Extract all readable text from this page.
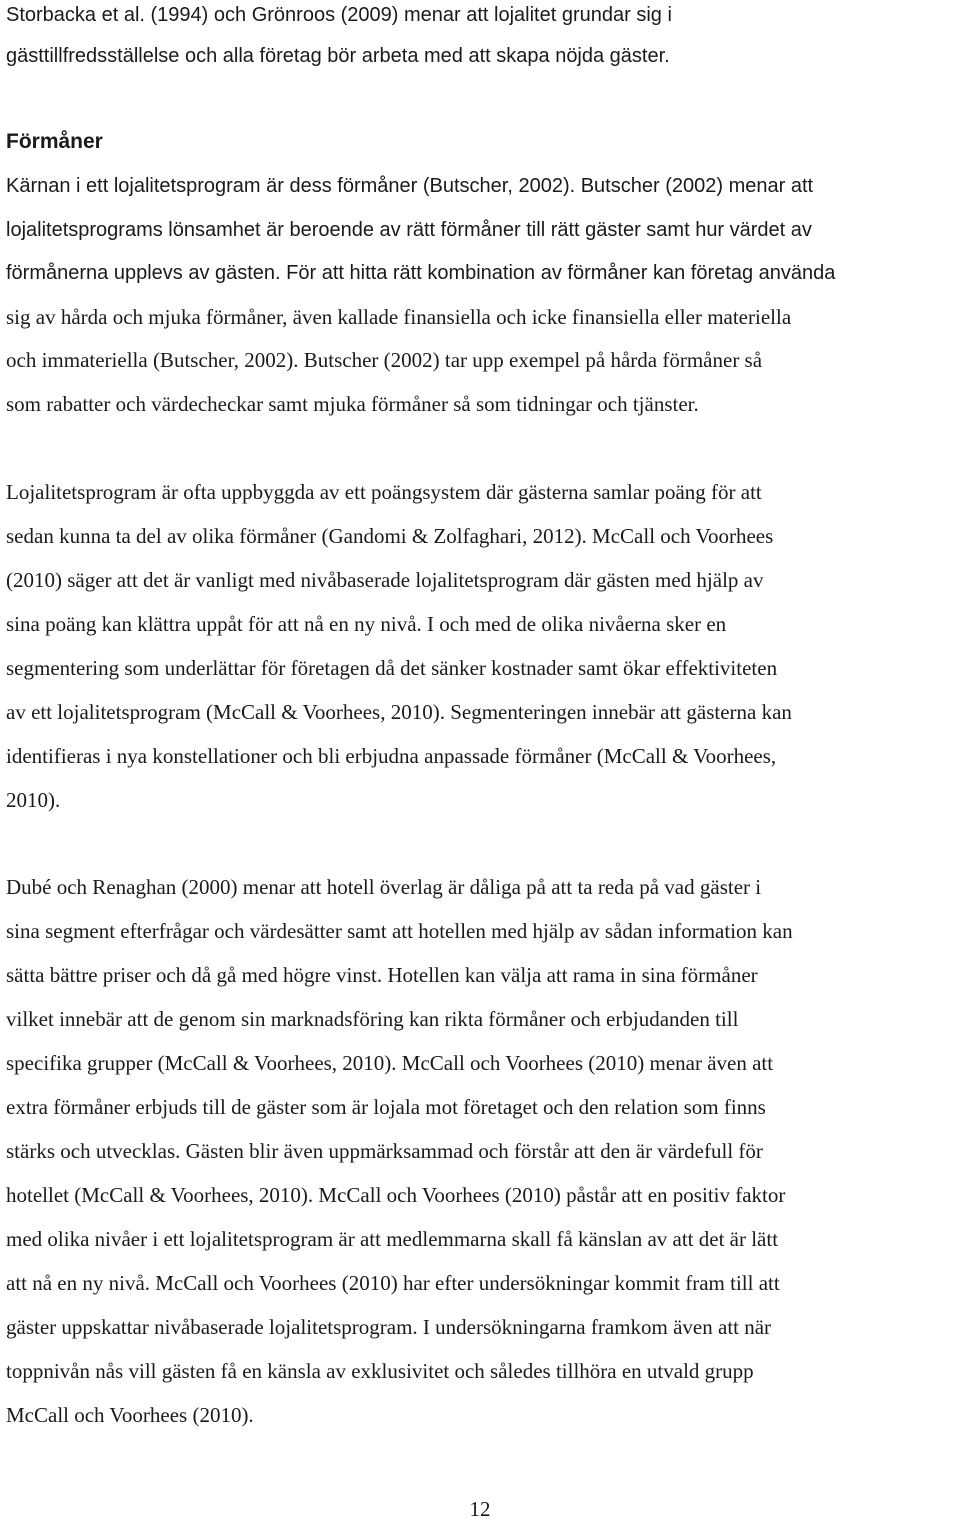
Storbacka et al. (1994) och Grönroos (2009) menar att lojalitet grundar sig i
gästtillfredsställelse och alla företag bör arbeta med att skapa nöjda gäster.
Förmåner
Kärnan i ett lojalitetsprogram är dess förmåner (Butscher, 2002). Butscher (2002) menar att
lojalitetsprograms lönsamhet är beroende av rätt förmåner till rätt gäster samt hur värdet av
förmånerna upplevs av gästen. För att hitta rätt kombination av förmåner kan företag använda
sig av hårda och mjuka förmåner, även kallade finansiella och icke finansiella eller materiella
och immateriella (Butscher, 2002). Butscher (2002) tar upp exempel på hårda förmåner så
som rabatter och värdecheckar samt mjuka förmåner så som tidningar och tjänster.
Lojalitetsprogram är ofta uppbyggda av ett poängsystem där gästerna samlar poäng för att
sedan kunna ta del av olika förmåner (Gandomi & Zolfaghari, 2012). McCall och Voorhees
(2010) säger att det är vanligt med nivåbaserade lojalitetsprogram där gästen med hjälp av
sina poäng kan klättra uppåt för att nå en ny nivå. I och med de olika nivåerna sker en
segmentering som underlättar för företagen då det sänker kostnader samt ökar effektiviteten
av ett lojalitetsprogram (McCall & Voorhees, 2010). Segmenteringen innebär att gästerna kan
identifieras i nya konstellationer och bli erbjudna anpassade förmåner (McCall & Voorhees,
2010).
Dubé och Renaghan (2000) menar att hotell överlag är dåliga på att ta reda på vad gäster i
sina segment efterfrågar och värdesätter samt att hotellen med hjälp av sådan information kan
sätta bättre priser och då gå med högre vinst. Hotellen kan välja att rama in sina förmåner
vilket innebär att de genom sin marknadsföring kan rikta förmåner och erbjudanden till
specifika grupper (McCall & Voorhees, 2010). McCall och Voorhees (2010) menar även att
extra förmåner erbjuds till de gäster som är lojala mot företaget och den relation som finns
stärks och utvecklas. Gästen blir även uppmärksammad och förstår att den är värdefull för
hotellet (McCall & Voorhees, 2010). McCall och Voorhees (2010) påstår att en positiv faktor
med olika nivåer i ett lojalitetsprogram är att medlemmarna skall få känslan av att det är lätt
att nå en ny nivå. McCall och Voorhees (2010) har efter undersökningar kommit fram till att
gäster uppskattar nivåbaserade lojalitetsprogram. I undersökningarna framkom även att när
toppnivån nås vill gästen få en känsla av exklusivitet och således tillhöra en utvald grupp
McCall och Voorhees (2010).
12
